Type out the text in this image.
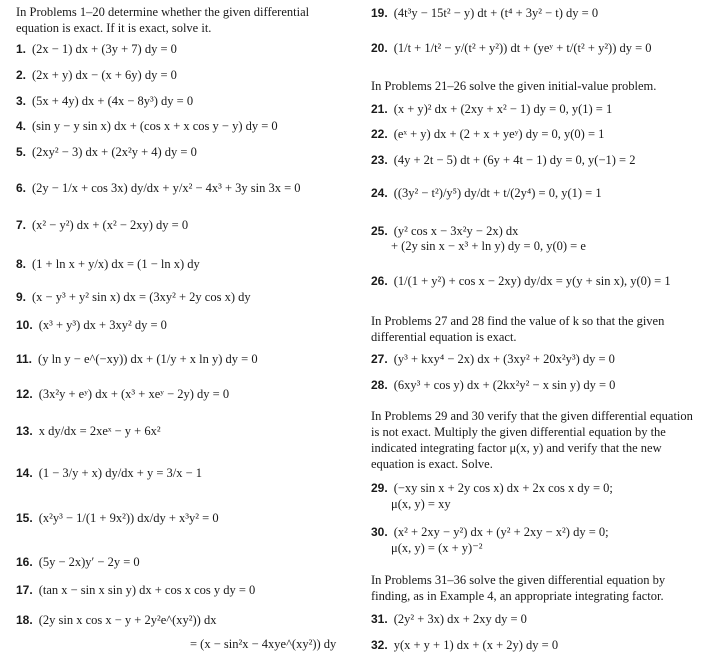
In Problems 1–20 determine whether the given differential equation is exact. If it is exact, solve it.
1. (2x − 1) dx + (3y + 7) dy = 0
2. (2x + y) dx − (x + 6y) dy = 0
3. (5x + 4y) dx + (4x − 8y³) dy = 0
4. (sin y − y sin x) dx + (cos x + x cos y − y) dy = 0
5. (2xy² − 3) dx + (2x²y + 4) dy = 0
6. (2y − 1/x + cos 3x) dy/dx + y/x² − 4x³ + 3y sin 3x = 0
7. (x² − y²) dx + (x² − 2xy) dy = 0
8. (1 + ln x + y/x) dx = (1 − ln x) dy
9. (x − y³ + y² sin x) dx = (3xy² + 2y cos x) dy
10. (x³ + y³) dx + 3xy² dy = 0
11. (y ln y − e^(−xy)) dx + (1/y + x ln y) dy = 0
12. (3x²y + eʸ) dx + (x³ + xeʸ − 2y) dy = 0
13. x dy/dx = 2xeˣ − y + 6x²
14. (1 − 3/y + x) dy/dx + y = 3/x − 1
15. (x²y³ − 1/(1 + 9x²)) dx/dy + x³y² = 0
16. (5y − 2x)y′ − 2y = 0
17. (tan x − sin x sin y) dx + cos x cos y dy = 0
18. (2y sin x cos x − y + 2y²e^(xy²)) dx
= (x − sin²x − 4xye^(xy²)) dy
19. (4t³y − 15t² − y) dt + (t⁴ + 3y² − t) dy = 0
20. (1/t + 1/t² − y/(t² + y²)) dt + (yeʸ + t/(t² + y²)) dy = 0
In Problems 21–26 solve the given initial-value problem.
21. (x + y)² dx + (2xy + x² − 1) dy = 0, y(1) = 1
22. (eˣ + y) dx + (2 + x + yeʸ) dy = 0, y(0) = 1
23. (4y + 2t − 5) dt + (6y + 4t − 1) dy = 0, y(−1) = 2
24. ((3y² − t²)/y⁵) dy/dt + t/(2y⁴) = 0, y(1) = 1
25. (y² cos x − 3x²y − 2x) dx
+ (2y sin x − x³ + ln y) dy = 0, y(0) = e
26. (1/(1 + y²) + cos x − 2xy) dy/dx = y(y + sin x), y(0) = 1
In Problems 27 and 28 find the value of k so that the given differential equation is exact.
27. (y³ + kxy⁴ − 2x) dx + (3xy² + 20x²y³) dy = 0
28. (6xy³ + cos y) dx + (2kx²y² − x sin y) dy = 0
In Problems 29 and 30 verify that the given differential equation is not exact. Multiply the given differential equation by the indicated integrating factor μ(x, y) and verify that the new equation is exact. Solve.
29. (−xy sin x + 2y cos x) dx + 2x cos x dy = 0;
μ(x, y) = xy
30. (x² + 2xy − y²) dx + (y² + 2xy − x²) dy = 0;
μ(x, y) = (x + y)⁻²
In Problems 31–36 solve the given differential equation by finding, as in Example 4, an appropriate integrating factor.
31. (2y² + 3x) dx + 2xy dy = 0
32. y(x + y + 1) dx + (x + 2y) dy = 0
